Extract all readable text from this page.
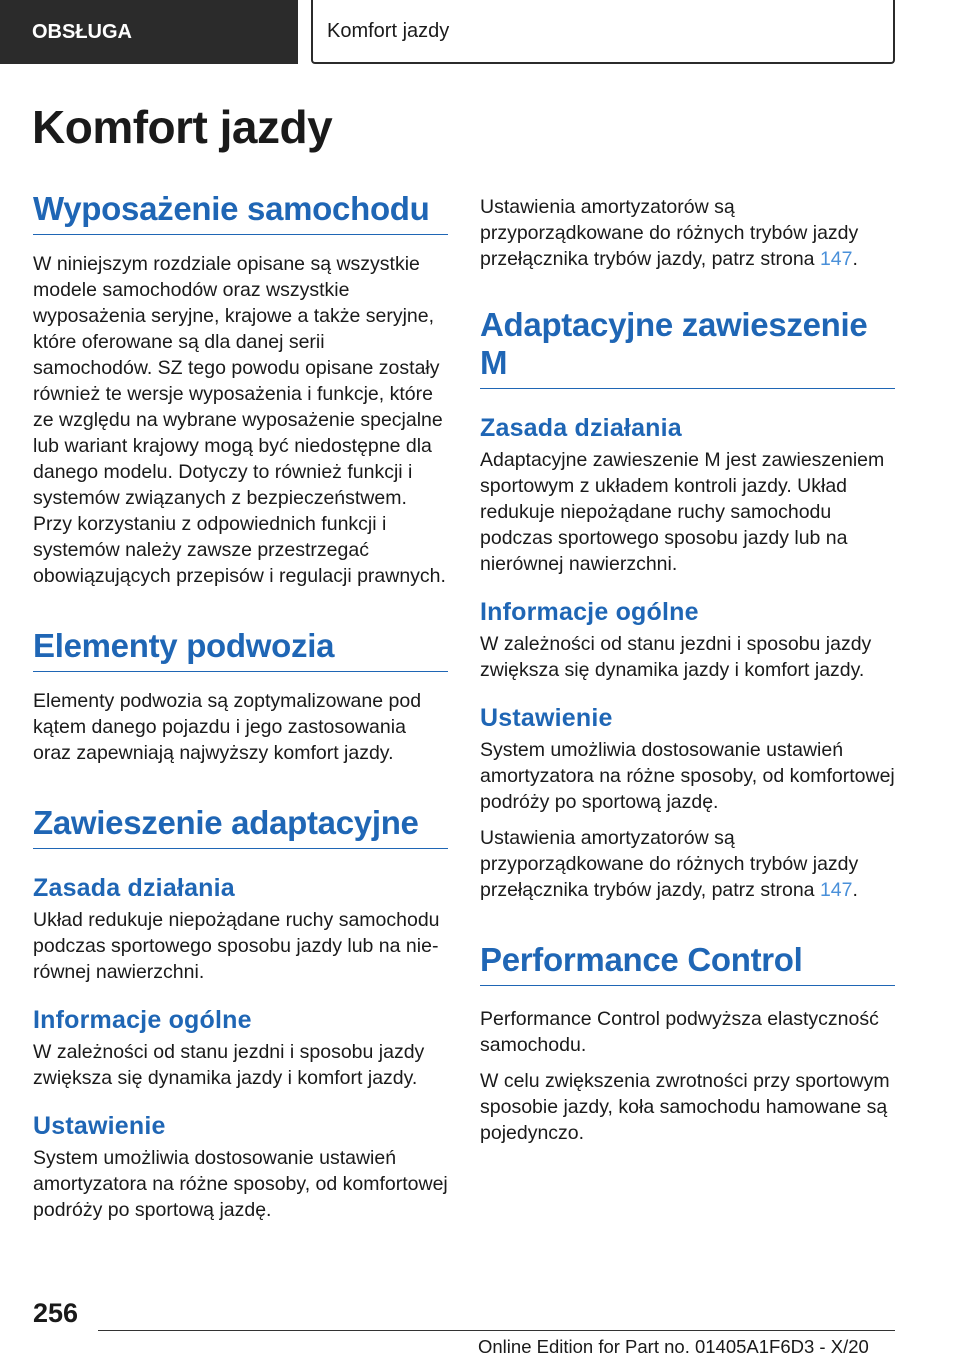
OBSŁUGA	Komfort jazdy
Komfort jazdy
Wyposażenie samochodu

W niniejszym rozdziale opisane są wszystkie modele samochodów oraz wszystkie wyposażenia seryjne, krajowe a także seryjne, które oferowane są dla danej serii samochodów. SZ tego powodu opisane zostały również te wersje wyposażenia i funkcje, które ze względu na wybrane wyposażenie specjalne lub wariant krajowy mogą być niedostępne dla danego modelu. Dotyczy to również funkcji i systemów związanych z bezpieczeństwem. Przy korzystaniu z odpowiednich funkcji i systemów należy zawsze przestrzegać obowiązujących przepisów i regulacji prawnych.

Elementy podwozia

Elementy podwozia są zoptymalizowane pod kątem danego pojazdu i jego zastosowania oraz zapewniają najwyższy komfort jazdy.

Zawieszenie adaptacyjne
Zasada działania

Układ redukuje niepożądane ruchy samochodu podczas sportowego sposobu jazdy lub na nierównej nawierzchni.

Informacje ogólne

W zależności od stanu jezdni i sposobu jazdy zwiększa się dynamika jazdy i komfort jazdy.

Ustawienie

System umożliwia dostosowanie ustawień amortyzatora na różne sposoby, od komfortowej podróży po sportową jazdę.

Ustawienia amortyzatorów są przyporządkowane do różnych trybów jazdy przełącznika trybów jazdy, patrz strona 147.

Adaptacyjne zawieszenie M
Zasada działania

Adaptacyjne zawieszenie M jest zawieszeniem sportowym z układem kontroli jazdy. Układ redukuje niepożądane ruchy samochodu podczas sportowego sposobu jazdy lub na nierównej nawierzchni.

Informacje ogólne

W zależności od stanu jezdni i sposobu jazdy zwiększa się dynamika jazdy i komfort jazdy.

Ustawienie

System umożliwia dostosowanie ustawień amortyzatora na różne sposoby, od komfortowej podróży po sportową jazdę.

Ustawienia amortyzatorów są przyporządkowane do różnych trybów jazdy przełącznika trybów jazdy, patrz strona 147.

Performance Control

Performance Control podwyższa elastyczność samochodu.

W celu zwiększenia zwrotności przy sportowym sposobie jazdy, koła samochodu hamowane są pojedynczo.

256

Online Edition for Part no. 01405A1F6D3 - X/20
